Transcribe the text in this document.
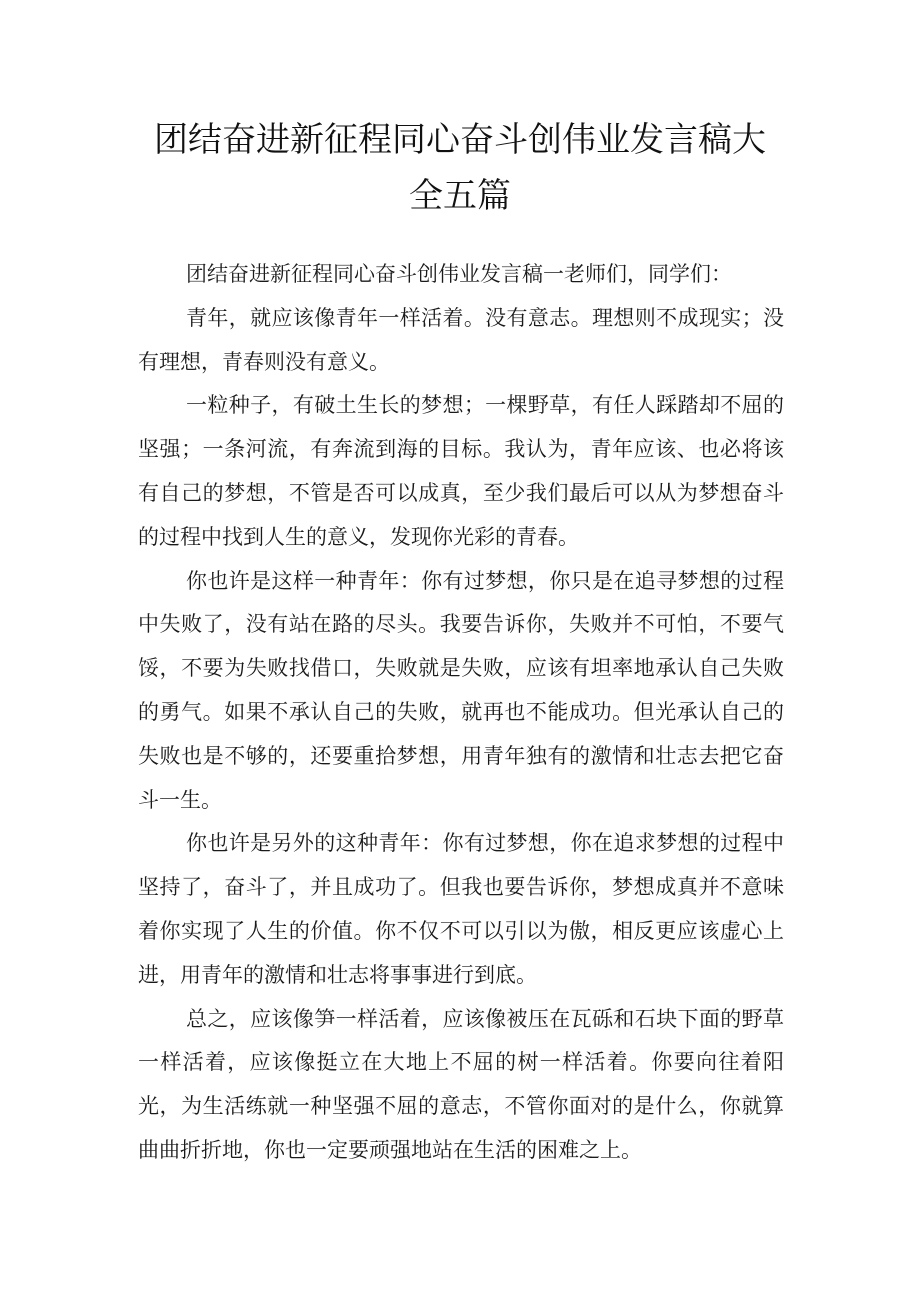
团结奋进新征程同心奋斗创伟业发言稿大
全五篇

团结奋进新征程同心奋斗创伟业发言稿一老师们，同学们：

青年，就应该像青年一样活着。没有意志。理想则不成现实；没有理想，青春则没有意义。

一粒种子，有破土生长的梦想；一棵野草，有任人踩踏却不屈的坚强；一条河流，有奔流到海的目标。我认为，青年应该、也必将该有自己的梦想，不管是否可以成真，至少我们最后可以从为梦想奋斗的过程中找到人生的意义，发现你光彩的青春。

你也许是这样一种青年：你有过梦想，你只是在追寻梦想的过程中失败了，没有站在路的尽头。我要告诉你，失败并不可怕，不要气馁，不要为失败找借口，失败就是失败，应该有坦率地承认自己失败的勇气。如果不承认自己的失败，就再也不能成功。但光承认自己的失败也是不够的，还要重拾梦想，用青年独有的激情和壮志去把它奋斗一生。

你也许是另外的这种青年：你有过梦想，你在追求梦想的过程中坚持了，奋斗了，并且成功了。但我也要告诉你，梦想成真并不意味着你实现了人生的价值。你不仅不可以引以为傲，相反更应该虚心上进，用青年的激情和壮志将事事进行到底。

总之，应该像笋一样活着，应该像被压在瓦砾和石块下面的野草一样活着，应该像挺立在大地上不屈的树一样活着。你要向往着阳光，为生活练就一种坚强不屈的意志，不管你面对的是什么，你就算曲曲折折地，你也一定要顽强地站在生活的困难之上。
